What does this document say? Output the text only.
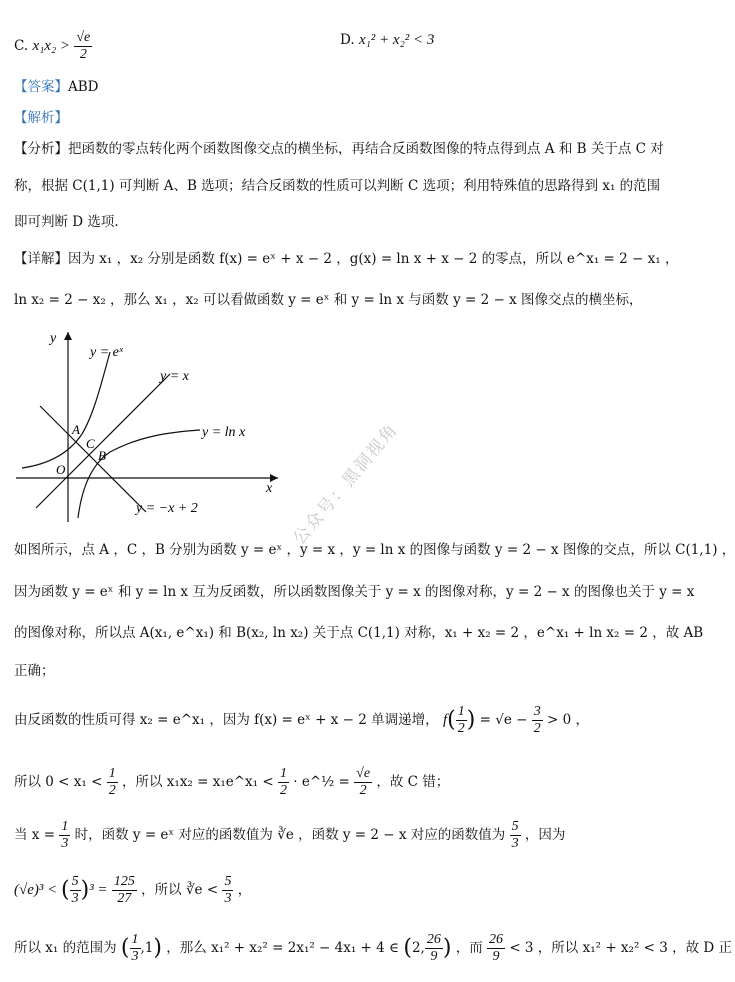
C. $x_1x_2 > \frac{√e}{2}$	D. x₁² + x₂² < 3
【答案】ABD
【解析】
【分析】把函数的零点转化两个函数图像交点的横坐标，再结合反函数图像的特点得到点 A 和 B 关于点 C 对
称，根据 C(1,1) 可判断 A、B 选项；结合反函数的性质可以判断 C 选项；利用特殊值的思路得到 x₁ 的范围
即可判断 D 选项.
【详解】因为 x₁ ，x₂ 分别是函数 f(x) = eˣ + x − 2 ，g(x) = ln x + x − 2 的零点，所以 e^x₁ = 2 − x₁ ，
ln x₂ = 2 − x₂ ，那么 x₁ ，x₂ 可以看做函数 y = eˣ 和 y = ln x 与函数 y = 2 − x 图像交点的横坐标，
y
x
O
y = eˣ
y = x
y = ln x
y = −x + 2
A
C
B
如图所示，点 A ，C ，B 分别为函数 y = eˣ ，y = x ，y = ln x 的图像与函数 y = 2 − x 图像的交点，所以 C(1,1) ，
因为函数 y = eˣ 和 y = ln x 互为反函数，所以函数图像关于 y = x 的图像对称，y = 2 − x 的图像也关于 y = x
的图像对称，所以点 A(x₁, e^x₁) 和 B(x₂, ln x₂) 关于点 C(1,1) 对称，x₁ + x₂ = 2 ，e^x₁ + ln x₂ = 2 ，故 AB
正确；
由反函数的性质可得 x₂ = e^x₁ ，因为 f(x) = eˣ + x − 2 单调递增， $f( \frac{1}{2}$ ) = $√e - \frac{3}{2} > 0$ ，
所以 $0 < x_1 < \frac{1}{2}$ ，所以 x₁x₂ = x₁e^x₁ < $\frac{1}{2}$ · e^½ = $\frac{√e}{2}$ ，故 C 错；
当 $x = \frac{1}{3}$ 时，函数 y = eˣ 对应的函数值为 ∛e ，函数 y = 2 − x 对应的函数值为 $\frac{5}{3}$ ，因为
(√e)³ < ( $\frac{5}{3} )^3 = \frac{125}{27}$ ，所以 ∛e < $\frac{5}{3}$ ，
所以 x₁ 的范围为 ( $\frac{1}{3} ,1$) ，那么 x₁² + x₂² = 2x₁² − 4x₁ + 4 ∈ (2, $\frac{26}{9}$ ) ，而 $\frac{26}{9} < 3$ ，所以 x₁² + x₂² < 3 ，故 D 正
公众号：黑洞视角
